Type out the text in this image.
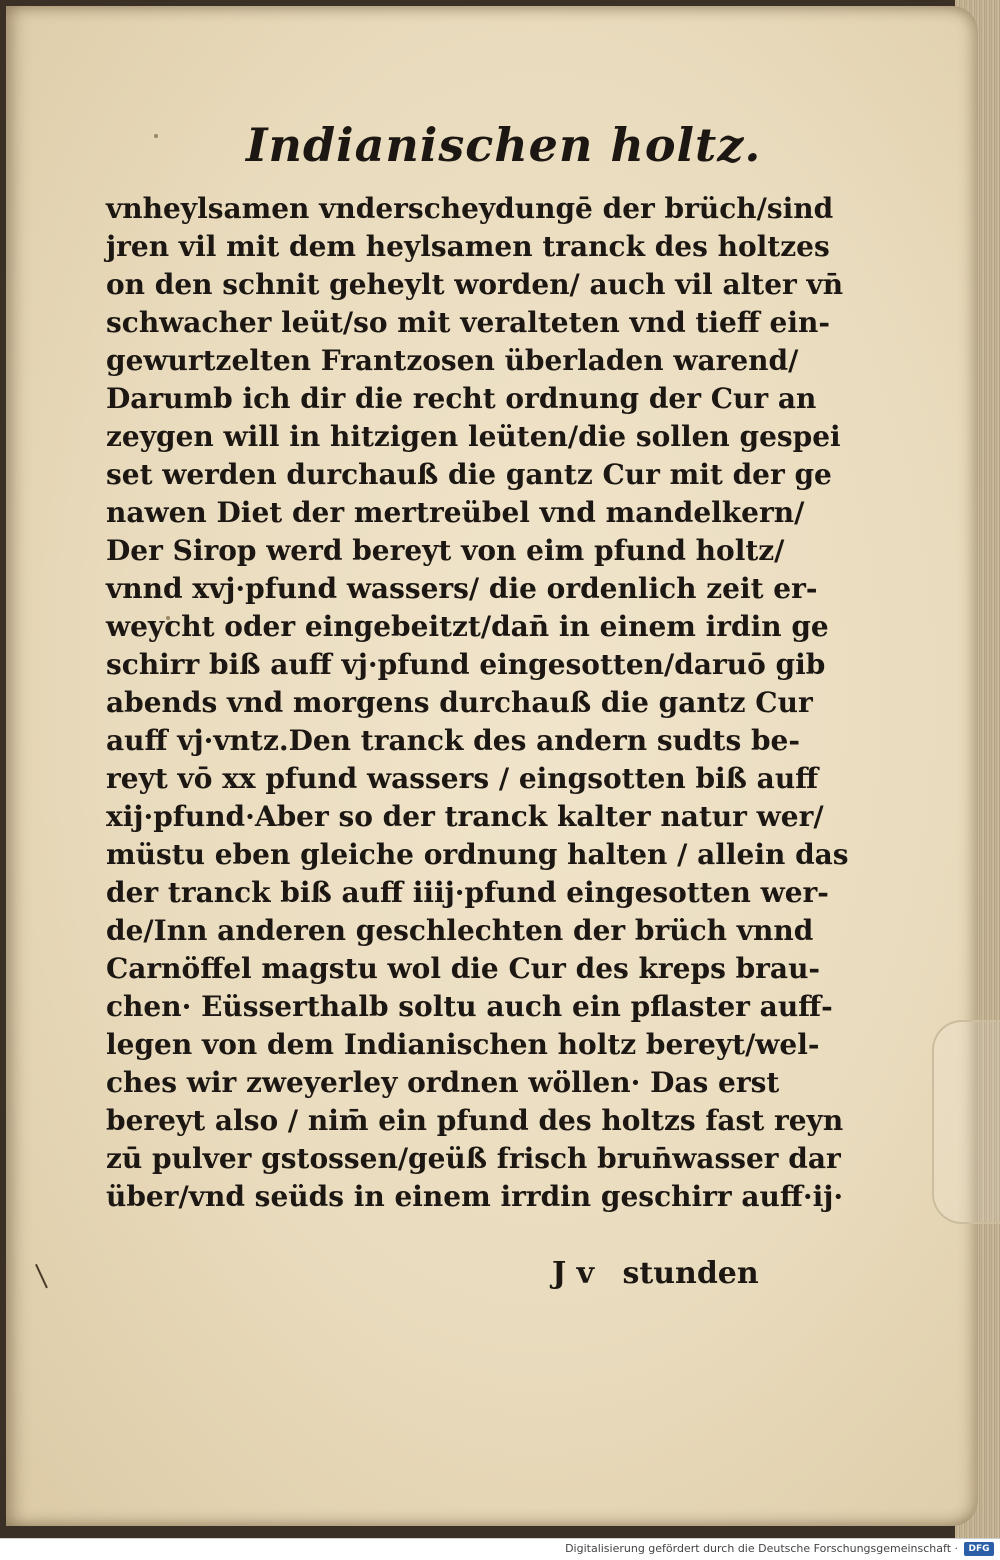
Indianischen holtz.
vnheylsamen vnderscheydungē der brüch/sind
jren vil mit dem heylsamen tranck des holtzes
on den schnit geheylt worden/ auch vil alter vn̄
schwacher leüt/so mit veralteten vnd tieff ein-
gewurtzelten Frantzosen überladen warend/
Darumb ich dir die recht ordnung der Cur an
zeygen will in hitzigen leüten/die sollen gespei
set werden durchauß die gantz Cur mit der ge
nawen Diet der mertreübel vnd mandelkern/
Der Sirop werd bereyt von eim pfund holtz/
vnnd xvj·pfund wassers/ die ordenlich zeit er-
weycht oder eingebeitzt/dan̄ in einem irdin ge
schirr biß auff vj·pfund eingesotten/daruō gib
abends vnd morgens durchauß die gantz Cur
auff vj·vntz.Den tranck des andern sudts be-
reyt vō xx pfund wassers / eingsotten biß auff
xij·pfund·Aber so der tranck kalter natur wer/
müstu eben gleiche ordnung halten / allein das
der tranck biß auff iiij·pfund eingesotten wer-
de/Inn anderen geschlechten der brüch vnnd
Carnöffel magstu wol die Cur des kreps brau-
chen· Eüsserthalb soltu auch ein pflaster auff-
legen von dem Indianischen holtz bereyt/wel-
ches wir zweyerley ordnen wöllen· Das erst
bereyt also / nim̄ ein pfund des holtzs fast reyn
zū pulver gstossen/geüß frisch brun̄wasser dar
über/vnd seüds in einem irrdin geschirr auff·ij·
J v stunden
Digitalisierung gefördert durch die Deutsche Forschungsgemeinschaft ·	DFG
